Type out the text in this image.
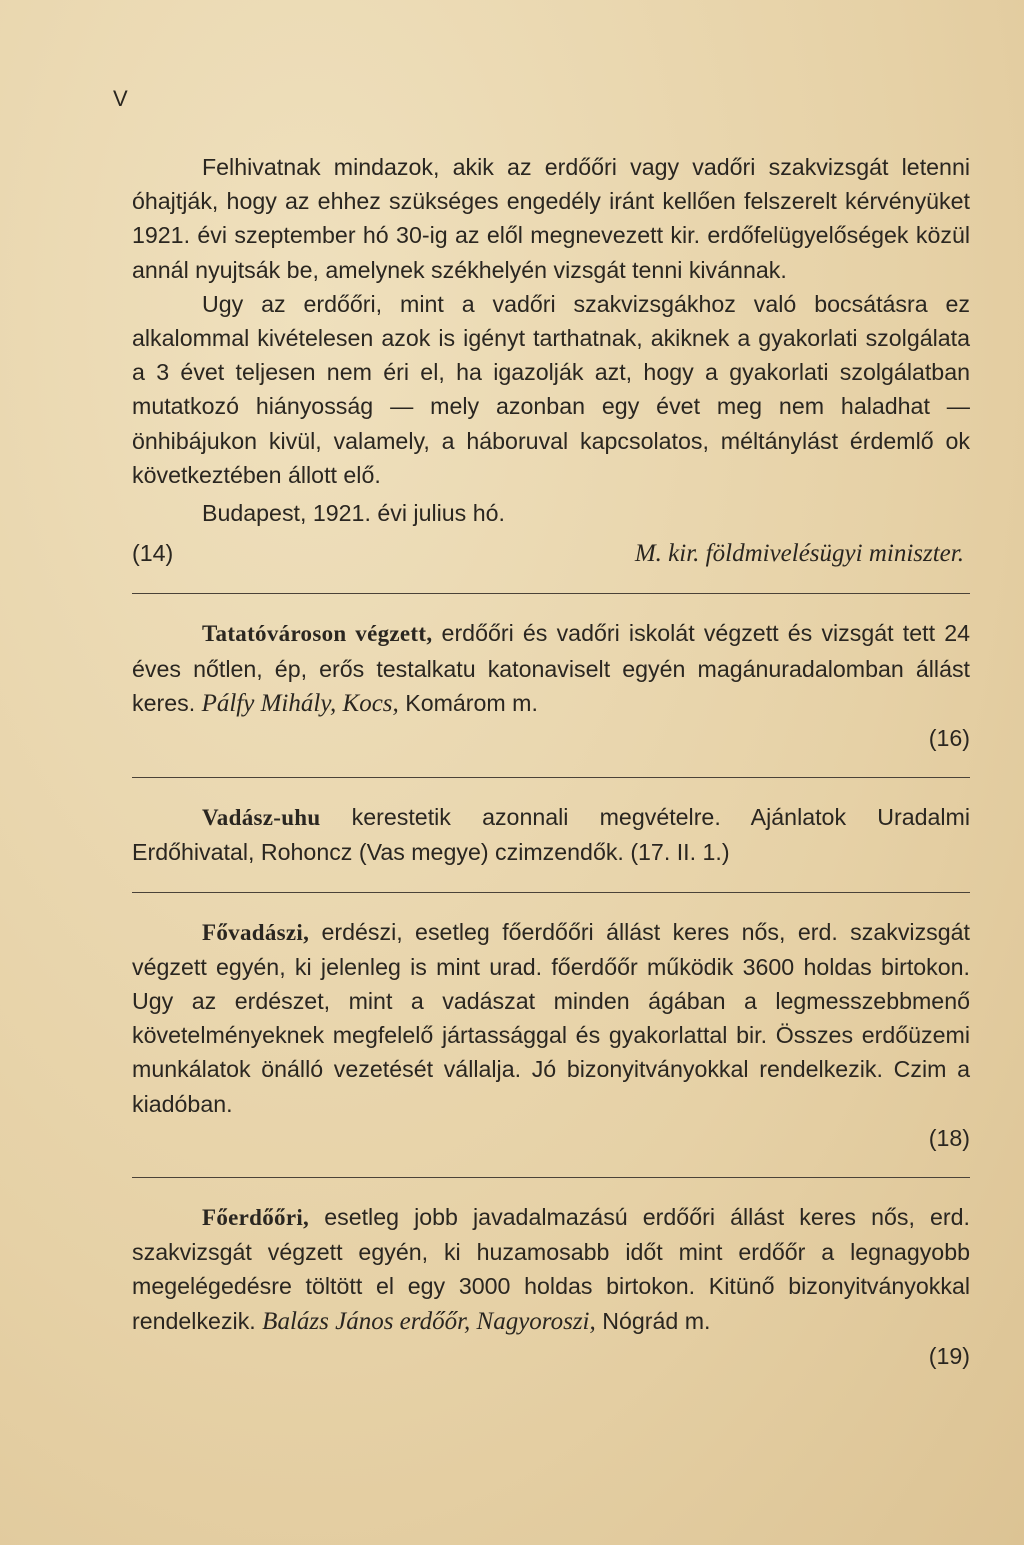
V

Felhivatnak mindazok, akik az erdőőri vagy vadőri szakvizsgát letenni óhajtják, hogy az ehhez szükséges engedély iránt kellően felszerelt kérvényüket 1921. évi szeptember hó 30-ig az elől megnevezett kir. erdőfelügyelőségek közül annál nyujtsák be, amelynek székhelyén vizsgát tenni kivánnak.

Ugy az erdőőri, mint a vadőri szakvizsgákhoz való bocsátásra ez alkalommal kivételesen azok is igényt tarthatnak, akiknek a gyakorlati szolgálata a 3 évet teljesen nem éri el, ha igazolják azt, hogy a gyakorlati szolgálatban mutatkozó hiányosság — mely azonban egy évet meg nem haladhat — önhibájukon kivül, valamely, a háboruval kapcsolatos, méltánylást érdemlő ok következtében állott elő.

Budapest, 1921. évi julius hó.

(14)	M. kir. földmivelésügyi miniszter.

Tatatóvároson végzett, erdőőri és vadőri iskolát végzett és vizsgát tett 24 éves nőtlen, ép, erős testalkatu katonaviselt egyén magánuradalomban állást keres. Pálfy Mihály, Kocs, Komárom m.

(16)

Vadász-uhu kerestetik azonnali megvételre. Ajánlatok Uradalmi Erdőhivatal, Rohoncz (Vas megye) czimzendők. (17. II. 1.)

Fővadászi, erdészi, esetleg főerdőőri állást keres nős, erd. szakvizsgát végzett egyén, ki jelenleg is mint urad. főerdőőr működik 3600 holdas birtokon. Ugy az erdészet, mint a vadászat minden ágában a legmesszebbmenő követelményeknek megfelelő jártassággal és gyakorlattal bir. Összes erdőüzemi munkálatok önálló vezetését vállalja. Jó bizonyitványokkal rendelkezik. Czim a kiadóban.

(18)

Főerdőőri, esetleg jobb javadalmazású erdőőri állást keres nős, erd. szakvizsgát végzett egyén, ki huzamosabb időt mint erdőőr a legnagyobb megelégedésre töltött el egy 3000 holdas birtokon. Kitünő bizonyitványokkal rendelkezik. Balázs János erdőőr, Nagyoroszi, Nógrád m.

(19)
